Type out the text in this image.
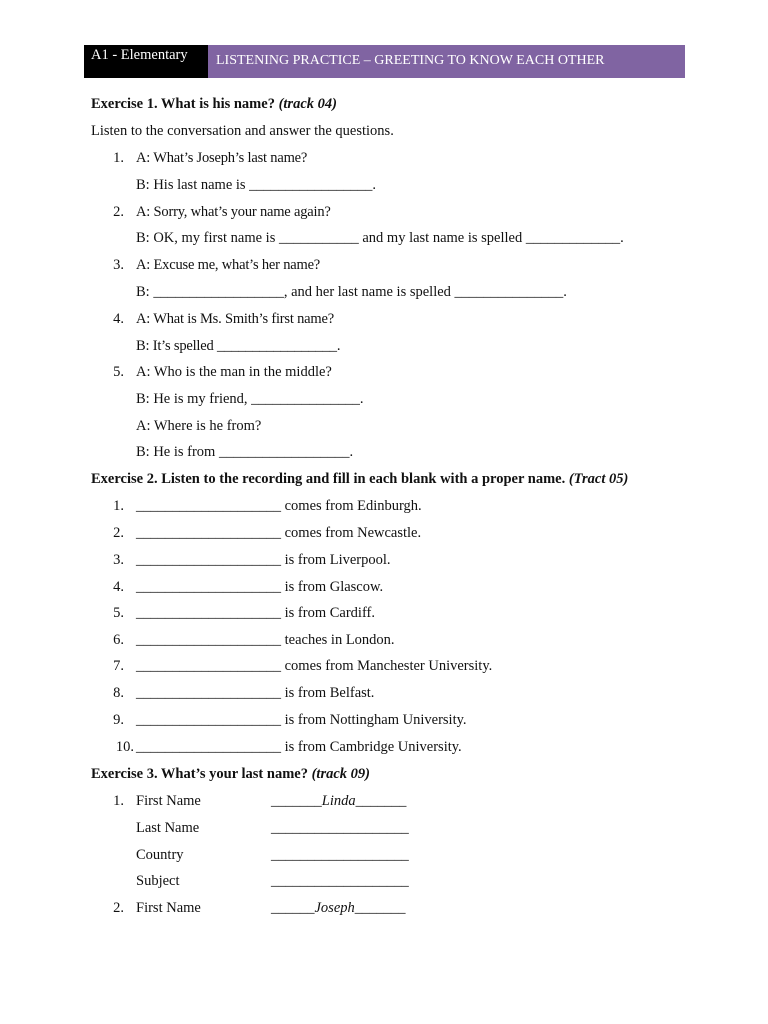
A1 - Elementary	LISTENING PRACTICE – GREETING TO KNOW EACH OTHER
Exercise 1. What is his name? (track 04)
Listen to the conversation and answer the questions.
1. A: What’s Joseph’s last name?
B: His last name is _________________.
2. A: Sorry, what’s your name again?
B: OK, my first name is ___________ and my last name is spelled _____________.
3. A: Excuse me, what’s her name?
B: __________________, and her last name is spelled _______________.
4. A: What is Ms. Smith’s first name?
B: It’s spelled _________________.
5. A: Who is the man in the middle?
B: He is my friend, _______________.
A: Where is he from?
B: He is from __________________.
Exercise 2. Listen to the recording and fill in each blank with a proper name. (Tract 05)
1. ____________________ comes from Edinburgh.
2. ____________________ comes from Newcastle.
3. ____________________ is from Liverpool.
4. ____________________ is from Glascow.
5. ____________________ is from Cardiff.
6. ____________________ teaches in London.
7. ____________________ comes from Manchester University.
8. ____________________ is from Belfast.
9. ____________________ is from Nottingham University.
10. ____________________ is from Cambridge University.
Exercise 3. What’s your last name? (track 09)
1. First Name	_______Linda_______
Last Name	___________________
Country	___________________
Subject	___________________
2. First Name	______Joseph_______
